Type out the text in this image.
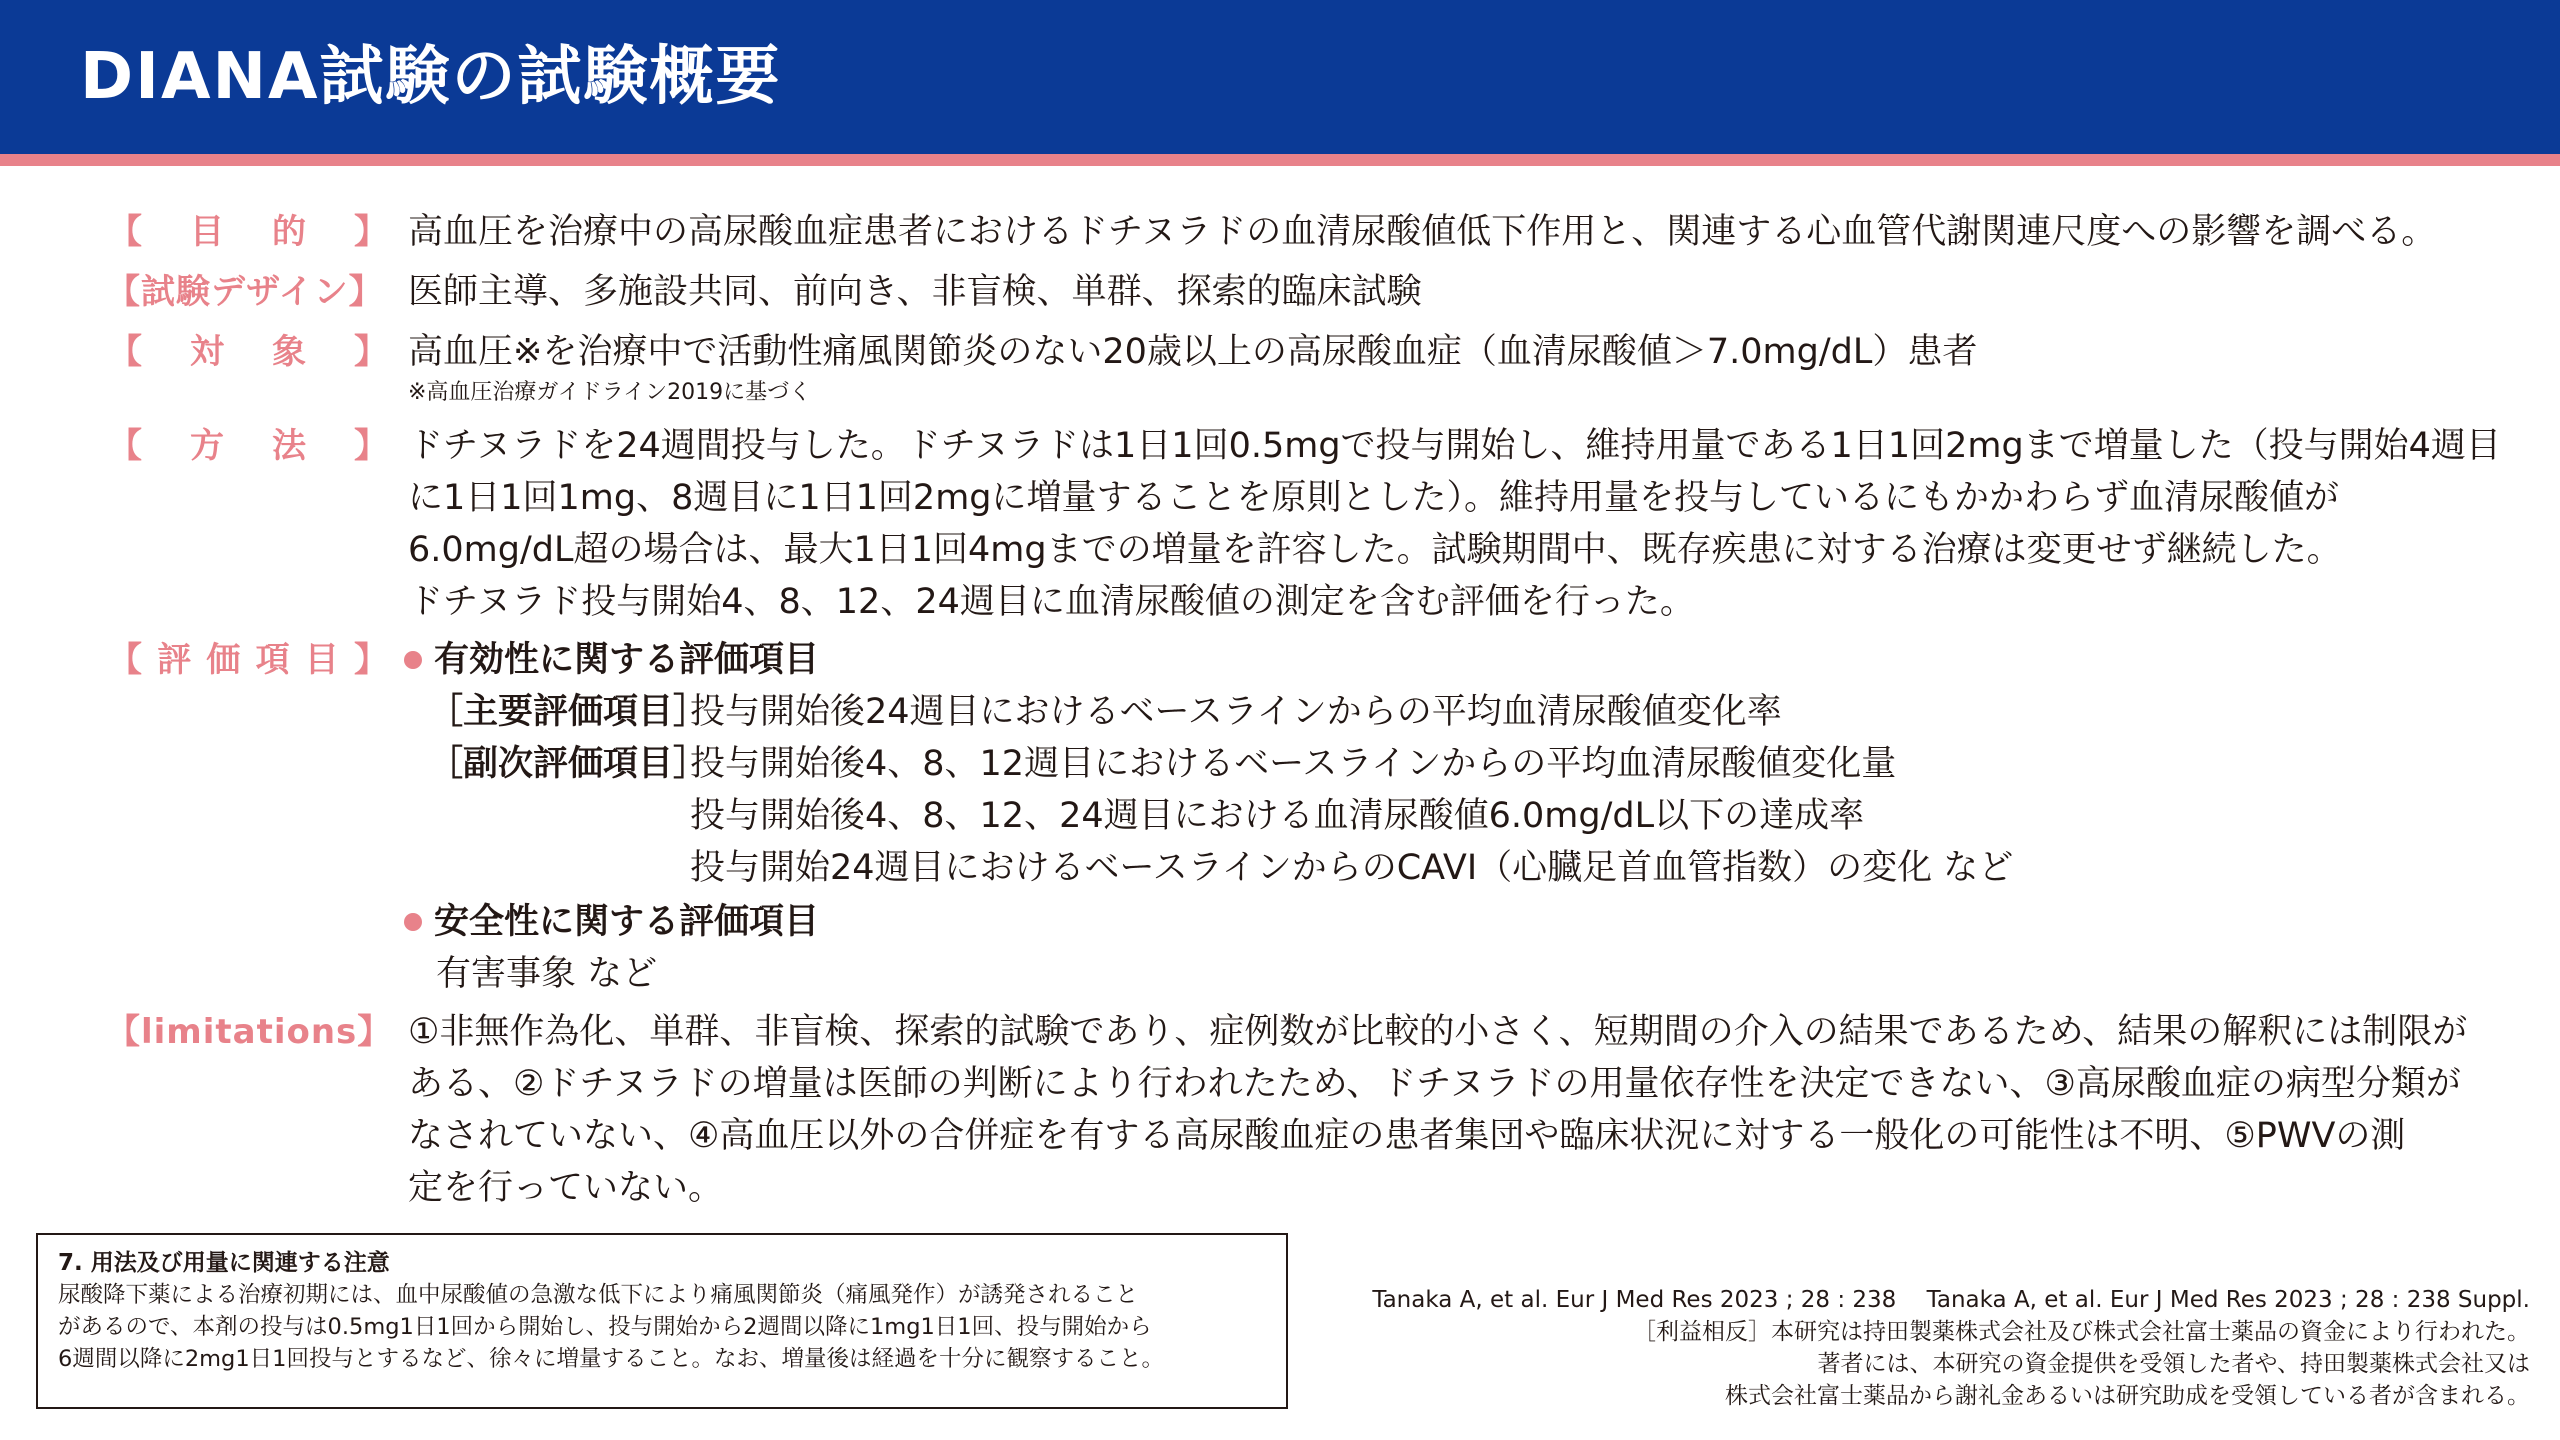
DIANA試験の試験概要
【 目 的 】 高血圧を治療中の高尿酸血症患者におけるドチヌラドの血清尿酸値低下作用と、関連する心血管代謝関連尺度への影響を調べる。
【試験デザイン】 医師主導、多施設共同、前向き、非盲検、単群、探索的臨床試験
【 対 象 】 高血圧※を治療中で活動性痛風関節炎のない20歳以上の高尿酸血症（血清尿酸値＞7.0mg/dL）患者
※高血圧治療ガイドライン2019に基づく
【 方 法 】 ドチヌラドを24週間投与した。ドチヌラドは1日1回0.5mgで投与開始し、維持用量である1日1回2mgまで増量した（投与開始4週目
に1日1回1mg、8週目に1日1回2mgに増量することを原則とした）。維持用量を投与しているにもかかわらず血清尿酸値が
6.0mg/dL超の場合は、最大1日1回4mgまでの増量を許容した。試験期間中、既存疾患に対する治療は変更せず継続した。
ドチヌラド投与開始4、8、12、24週目に血清尿酸値の測定を含む評価を行った。
【 評 価 項 目 】 有効性に関する評価項目
［主要評価項目］
投与開始後24週目におけるベースラインからの平均血清尿酸値変化率
［副次評価項目］
投与開始後4、8、12週目におけるベースラインからの平均血清尿酸値変化量
投与開始後4、8、12、24週目における血清尿酸値6.0mg/dL以下の達成率
投与開始24週目におけるベースラインからのCAVI（心臓足首血管指数）の変化 など
安全性に関する評価項目
有害事象 など
【limitations】 ①非無作為化、単群、非盲検、探索的試験であり、症例数が比較的小さく、短期間の介入の結果であるため、結果の解釈には制限が
ある、②ドチヌラドの増量は医師の判断により行われたため、ドチヌラドの用量依存性を決定できない、③高尿酸血症の病型分類が
なされていない、④高血圧以外の合併症を有する高尿酸血症の患者集団や臨床状況に対する一般化の可能性は不明、⑤PWVの測
定を行っていない。
7. 用法及び用量に関連する注意
尿酸降下薬による治療初期には、血中尿酸値の急激な低下により痛風関節炎（痛風発作）が誘発されること
があるので、本剤の投与は0.5mg1日1回から開始し、投与開始から2週間以降に1mg1日1回、投与開始から
6週間以降に2mg1日1回投与とするなど、徐々に増量すること。なお、増量後は経過を十分に観察すること。
Tanaka A, et al. Eur J Med Res 2023 ; 28 : 238　 Tanaka A, et al. Eur J Med Res 2023 ; 28 : 238 Suppl.
［利益相反］本研究は持田製薬株式会社及び株式会社富士薬品の資金により行われた。
著者には、本研究の資金提供を受領した者や、持田製薬株式会社又は
株式会社富士薬品から謝礼金あるいは研究助成を受領している者が含まれる。
